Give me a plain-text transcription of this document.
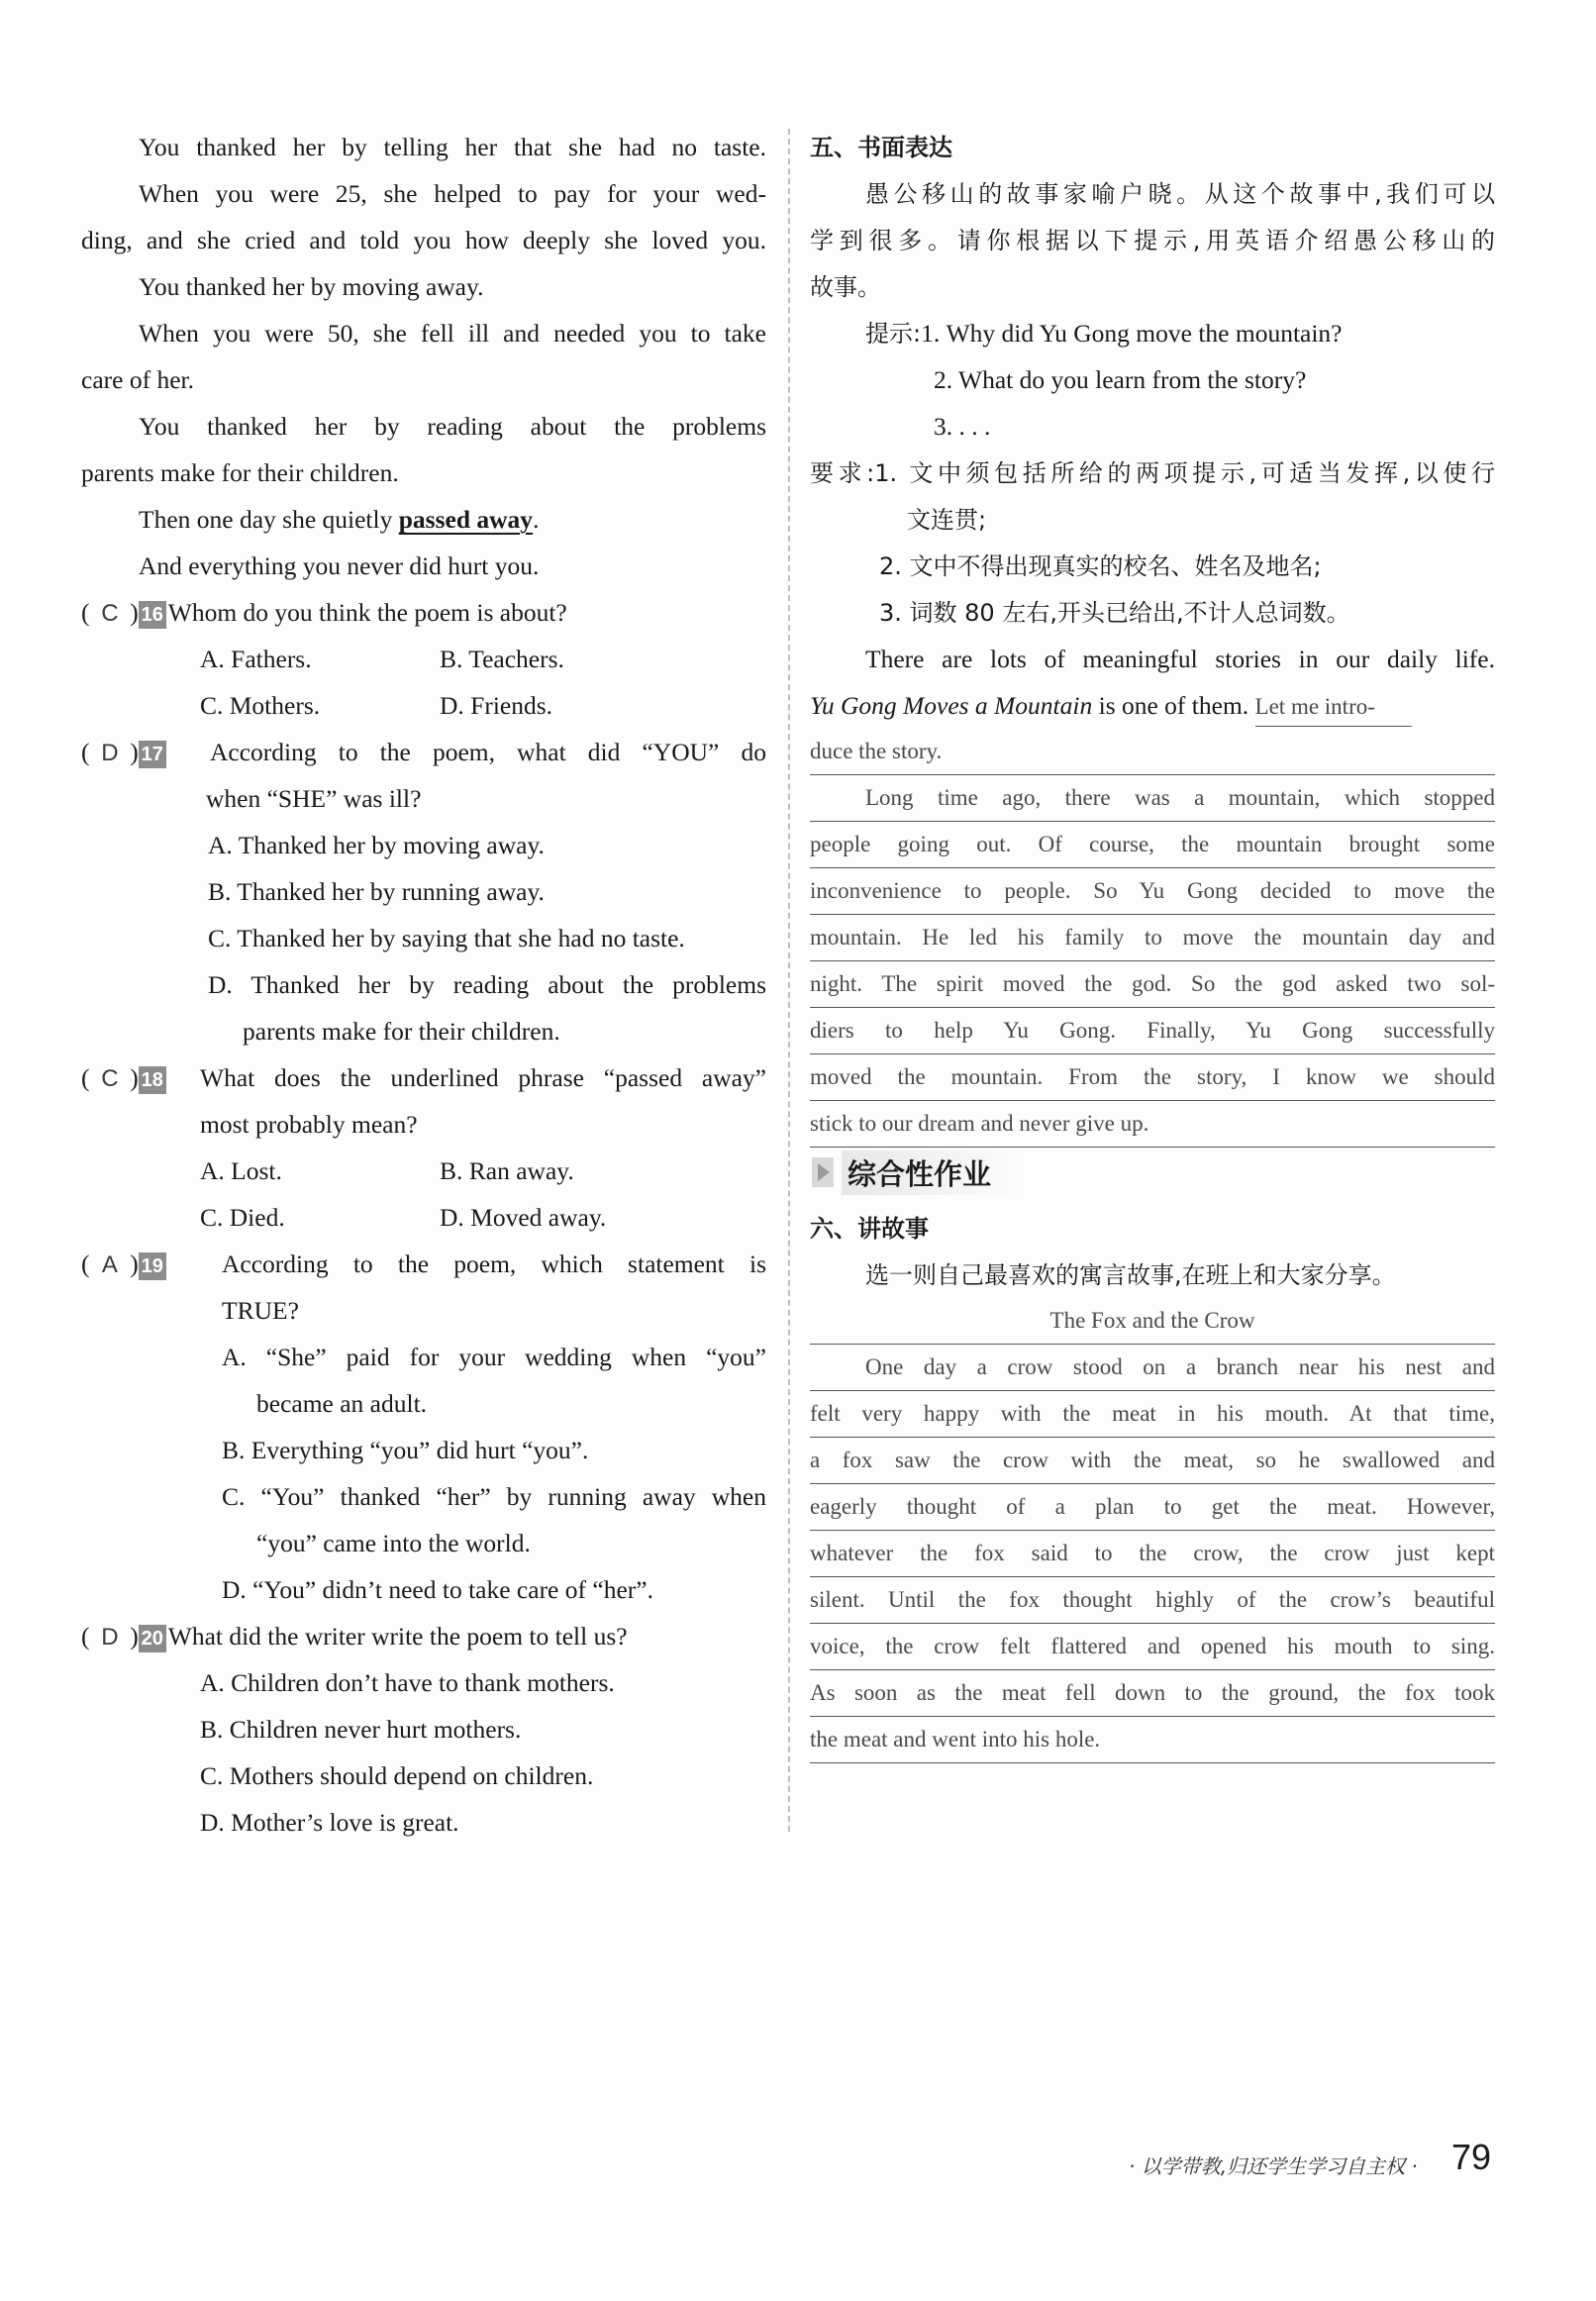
You thanked her by telling her that she had no taste.
When you were 25, she helped to pay for your wed-
ding, and she cried and told you how deeply she loved you.
You thanked her by moving away.
When you were 50, she fell ill and needed you to take
care of her.
You thanked her by reading about the problems
parents make for their children.
Then one day she quietly passed away.
And everything you never did hurt you.
( C ) 16 Whom do you think the poem is about?
A. Fathers.	B. Teachers.
C. Mothers.	D. Friends.
( D ) 17	According to the poem, what did “YOU” do
when “SHE” was ill?
A. Thanked her by moving away.
B. Thanked her by running away.
C. Thanked her by saying that she had no taste.
D. Thanked her by reading about the problems
parents make for their children.
( C ) 18	What does the underlined phrase “passed away”
most probably mean?
A. Lost.	B. Ran away.
C. Died.	D. Moved away.
( A ) 19	According to the poem, which statement is
TRUE?
A. “She” paid for your wedding when “you”
became an adult.
B. Everything “you” did hurt “you”.
C. “You” thanked “her” by running away when
“you” came into the world.
D. “You” didn’t need to take care of “her”.
( D ) 20 What did the writer write the poem to tell us?
A. Children don’t have to thank mothers.
B. Children never hurt mothers.
C. Mothers should depend on children.
D. Mother’s love is great.
五、书面表达
愚公移山的故事家喻户晓。从这个故事中,我们可以
学到很多。请你根据以下提示,用英语介绍愚公移山的
故事。
提示:1. Why did Yu Gong move the mountain?
2. What do you learn from the story?
3. . . .
要求:1. 文中须包括所给的两项提示,可适当发挥,以使行
文连贯;
2. 文中不得出现真实的校名、姓名及地名;
3. 词数 80 左右,开头已给出,不计人总词数。
There are lots of meaningful stories in our daily life.
Yu Gong Moves a Mountain is one of them. Let me intro-
duce the story.
Long time ago, there was a mountain, which stopped
people going out. Of course, the mountain brought some
inconvenience to people. So Yu Gong decided to move the
mountain. He led his family to move the mountain day and
night. The spirit moved the god. So the god asked two sol-
diers to help Yu Gong. Finally, Yu Gong successfully
moved the mountain. From the story, I know we should
stick to our dream and never give up.
综合性作业
六、讲故事
选一则自己最喜欢的寓言故事,在班上和大家分享。
The Fox and the Crow
One day a crow stood on a branch near his nest and
felt very happy with the meat in his mouth. At that time,
a fox saw the crow with the meat, so he swallowed and
eagerly thought of a plan to get the meat. However,
whatever the fox said to the crow, the crow just kept
silent. Until the fox thought highly of the crow’s beautiful
voice, the crow felt flattered and opened his mouth to sing.
As soon as the meat fell down to the ground, the fox took
the meat and went into his hole.
· 以学带教,归还学生学习自主权 · 79
